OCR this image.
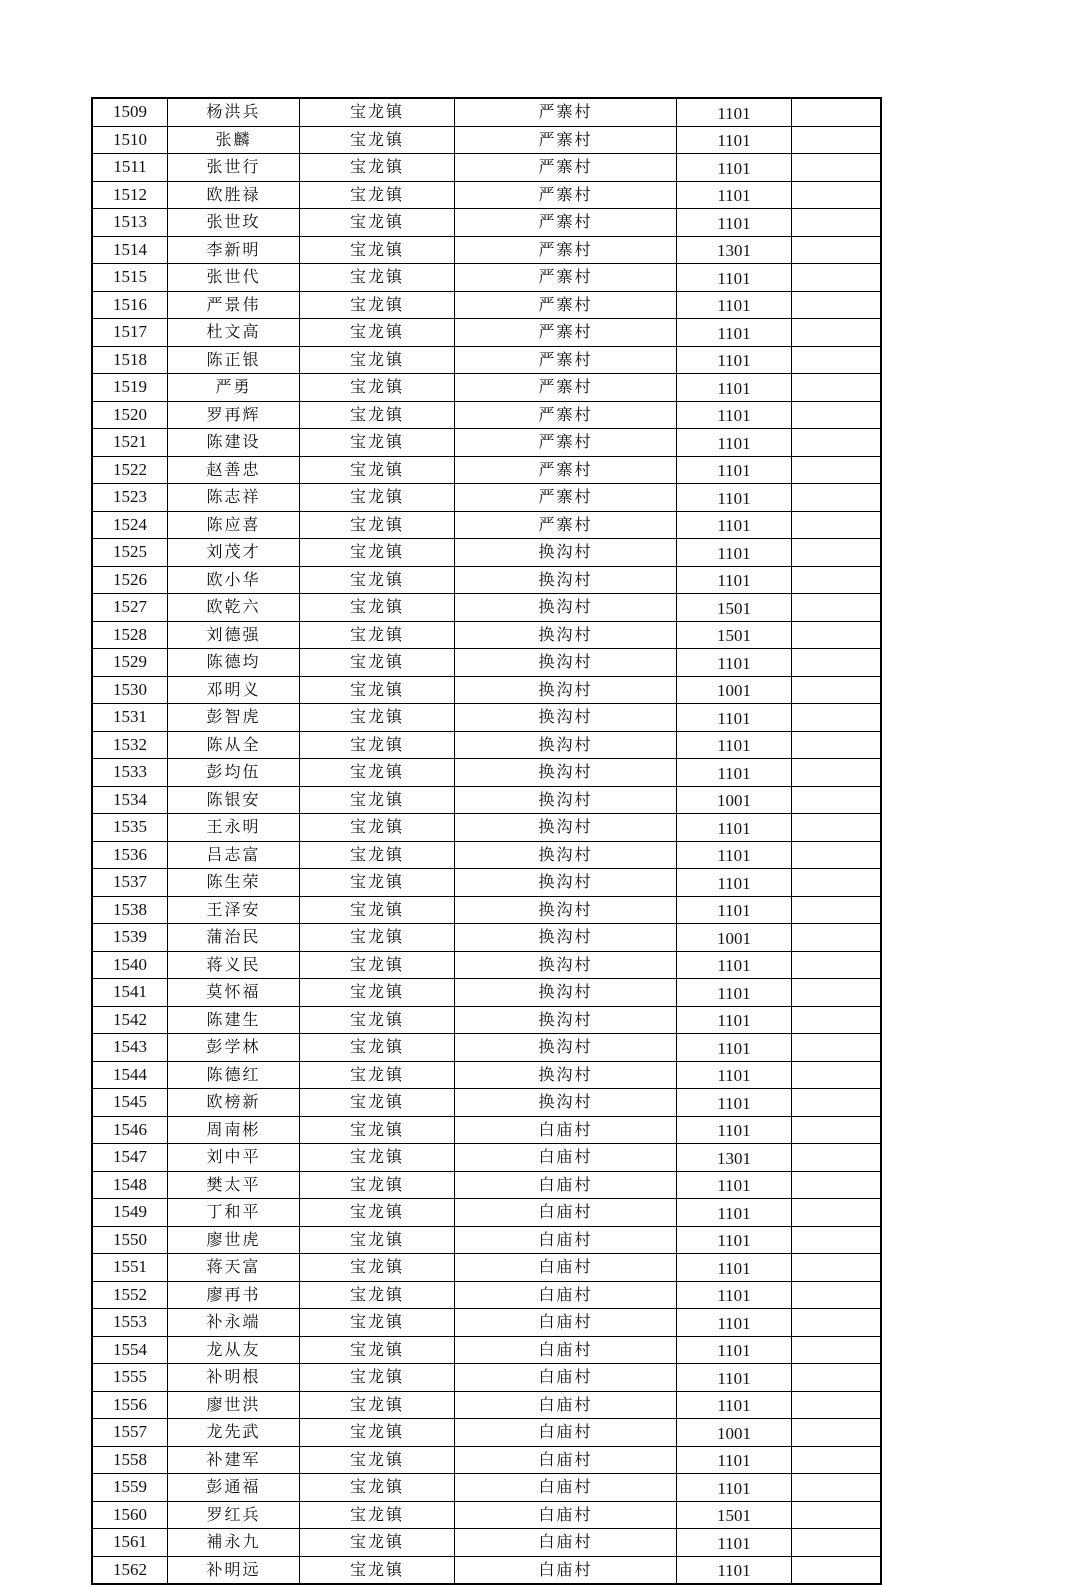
1509	杨洪兵	宝龙镇	严寨村	1101	
1510	张麟	宝龙镇	严寨村	1101	
1511	张世行	宝龙镇	严寨村	1101	
1512	欧胜禄	宝龙镇	严寨村	1101	
1513	张世玫	宝龙镇	严寨村	1101	
1514	李新明	宝龙镇	严寨村	1301	
1515	张世代	宝龙镇	严寨村	1101	
1516	严景伟	宝龙镇	严寨村	1101	
1517	杜文高	宝龙镇	严寨村	1101	
1518	陈正银	宝龙镇	严寨村	1101	
1519	严勇	宝龙镇	严寨村	1101	
1520	罗再辉	宝龙镇	严寨村	1101	
1521	陈建设	宝龙镇	严寨村	1101	
1522	赵善忠	宝龙镇	严寨村	1101	
1523	陈志祥	宝龙镇	严寨村	1101	
1524	陈应喜	宝龙镇	严寨村	1101	
1525	刘茂才	宝龙镇	换沟村	1101	
1526	欧小华	宝龙镇	换沟村	1101	
1527	欧乾六	宝龙镇	换沟村	1501	
1528	刘德强	宝龙镇	换沟村	1501	
1529	陈德均	宝龙镇	换沟村	1101	
1530	邓明义	宝龙镇	换沟村	1001	
1531	彭智虎	宝龙镇	换沟村	1101	
1532	陈从全	宝龙镇	换沟村	1101	
1533	彭均伍	宝龙镇	换沟村	1101	
1534	陈银安	宝龙镇	换沟村	1001	
1535	王永明	宝龙镇	换沟村	1101	
1536	吕志富	宝龙镇	换沟村	1101	
1537	陈生荣	宝龙镇	换沟村	1101	
1538	王泽安	宝龙镇	换沟村	1101	
1539	蒲治民	宝龙镇	换沟村	1001	
1540	蒋义民	宝龙镇	换沟村	1101	
1541	莫怀福	宝龙镇	换沟村	1101	
1542	陈建生	宝龙镇	换沟村	1101	
1543	彭学林	宝龙镇	换沟村	1101	
1544	陈德红	宝龙镇	换沟村	1101	
1545	欧榜新	宝龙镇	换沟村	1101	
1546	周南彬	宝龙镇	白庙村	1101	
1547	刘中平	宝龙镇	白庙村	1301	
1548	樊太平	宝龙镇	白庙村	1101	
1549	丁和平	宝龙镇	白庙村	1101	
1550	廖世虎	宝龙镇	白庙村	1101	
1551	蒋天富	宝龙镇	白庙村	1101	
1552	廖再书	宝龙镇	白庙村	1101	
1553	补永端	宝龙镇	白庙村	1101	
1554	龙从友	宝龙镇	白庙村	1101	
1555	补明根	宝龙镇	白庙村	1101	
1556	廖世洪	宝龙镇	白庙村	1101	
1557	龙先武	宝龙镇	白庙村	1001	
1558	补建军	宝龙镇	白庙村	1101	
1559	彭通福	宝龙镇	白庙村	1101	
1560	罗红兵	宝龙镇	白庙村	1501	
1561	補永九	宝龙镇	白庙村	1101	
1562	补明远	宝龙镇	白庙村	1101	
